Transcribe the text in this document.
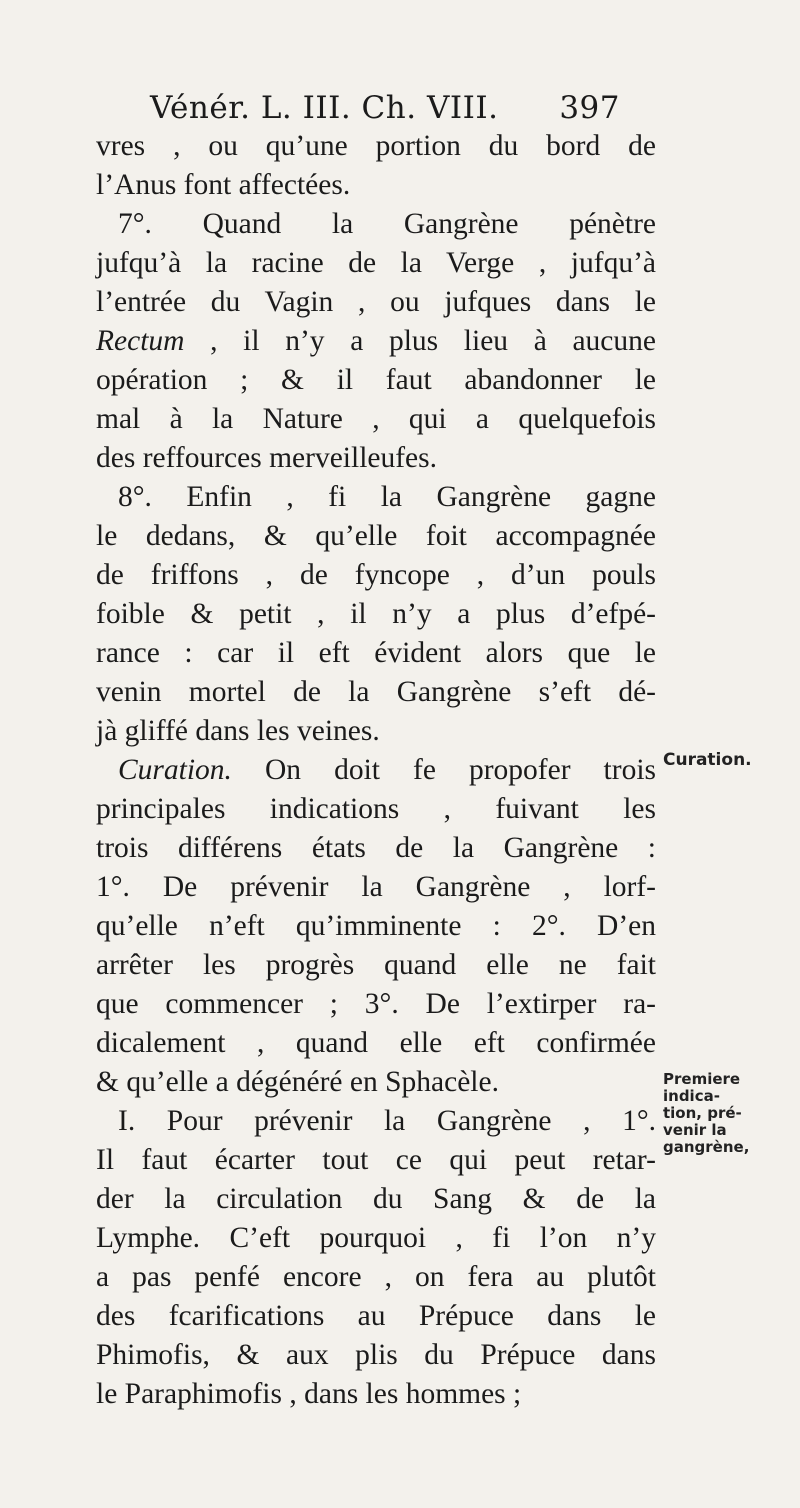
Vénér. L. III. Ch. VIII. 397
vres , ou qu’une portion du bord de
l’Anus font affectées.
7°. Quand la Gangrène pénètre
jufqu’à la racine de la Verge , jufqu’à
l’entrée du Vagin , ou jufques dans le
Rectum , il n’y a plus lieu à aucune
opération ; & il faut abandonner le
mal à la Nature , qui a quelquefois
des reffources merveilleufes.
8°. Enfin , fi la Gangrène gagne
le dedans, & qu’elle foit accompagnée
de friffons , de fyncope , d’un pouls
foible & petit , il n’y a plus d’efpé-
rance : car il eft évident alors que le
venin mortel de la Gangrène s’eft dé-
jà gliffé dans les veines.
Curation. On doit fe propofer trois
principales indications , fuivant les
trois différens états de la Gangrène :
1°. De prévenir la Gangrène , lorf-
qu’elle n’eft qu’imminente : 2°. D’en
arrêter les progrès quand elle ne fait
que commencer ; 3°. De l’extirper ra-
dicalement , quand elle eft confirmée
& qu’elle a dégénéré en Sphacèle.
I. Pour prévenir la Gangrène , 1°.
Il faut écarter tout ce qui peut retar-
der la circulation du Sang & de la
Lymphe. C’eft pourquoi , fi l’on n’y
a pas penfé encore , on fera au plutôt
des fcarifications au Prépuce dans le
Phimofis, & aux plis du Prépuce dans
le Paraphimofis , dans les hommes ;
Curation.
Premiere
indica-
tion, pré-
venir la
gangrène,
